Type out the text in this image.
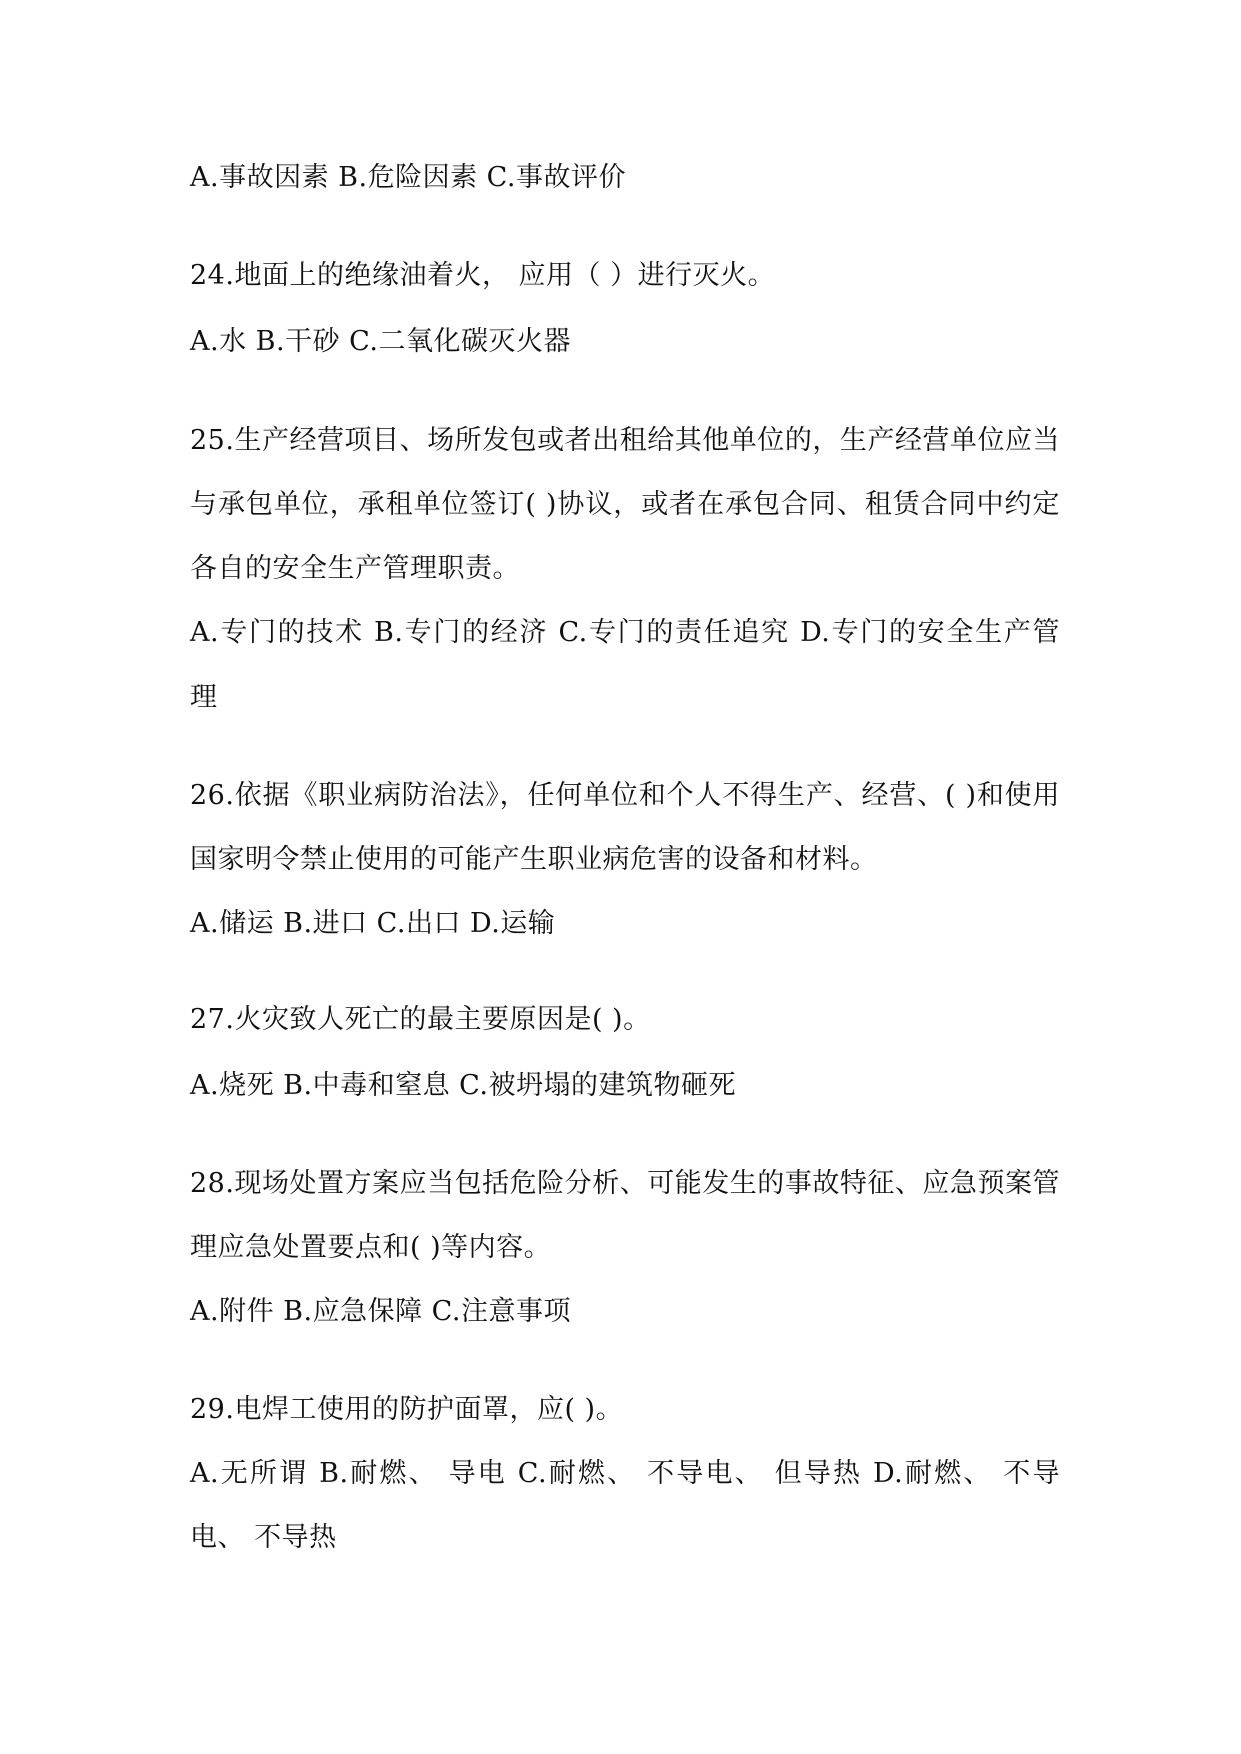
A.事故因素 B.危险因素 C.事故评价
24.地面上的绝缘油着火， 应用（ ）进行灭火。
A.水 B.干砂 C.二氧化碳灭火器
25.生产经营项目、场所发包或者出租给其他单位的，生产经营单位应当
与承包单位，承租单位签订( )协议，或者在承包合同、租赁合同中约定
各自的安全生产管理职责。
A.专门的技术 B.专门的经济 C.专门的责任追究 D.专门的安全生产管
理
26.依据《职业病防治法》，任何单位和个人不得生产、经营、( )和使用
国家明令禁止使用的可能产生职业病危害的设备和材料。
A.储运 B.进口 C.出口 D.运输
27.火灾致人死亡的最主要原因是( )。
A.烧死 B.中毒和窒息 C.被坍塌的建筑物砸死
28.现场处置方案应当包括危险分析、可能发生的事故特征、应急预案管
理应急处置要点和( )等内容。
A.附件 B.应急保障 C.注意事项
29.电焊工使用的防护面罩，应( )。
A.无所谓 B.耐燃、 导电 C.耐燃、 不导电、 但导热 D.耐燃、 不导
电、 不导热
